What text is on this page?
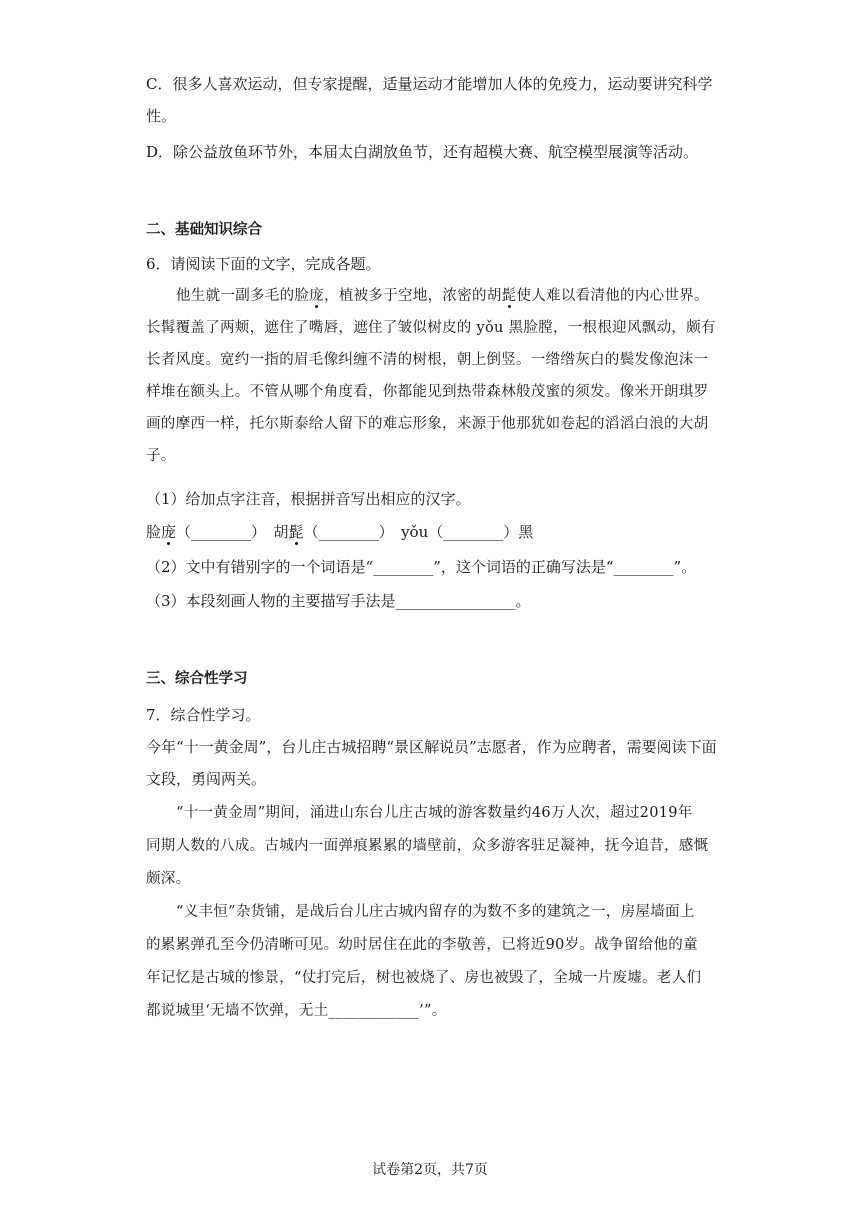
C．很多人喜欢运动，但专家提醒，适量运动才能增加人体的免疫力，运动要讲究科学
性。
D．除公益放鱼环节外，本届太白湖放鱼节，还有超模大赛、航空模型展演等活动。
二、基础知识综合
6．请阅读下面的文字，完成各题。
他生就一副多毛的脸庞，植被多于空地，浓密的胡髭使人难以看清他的内心世界。
长髯覆盖了两颊，遮住了嘴唇，遮住了皱似树皮的 yǒu 黑脸膛，一根根迎风飘动，颇有
长者风度。宽约一指的眉毛像纠缠不清的树根，朝上倒竖。一绺绺灰白的鬓发像泡沫一
样堆在额头上。不管从哪个角度看，你都能见到热带森林般茂蜜的须发。像米开朗琪罗
画的摩西一样，托尔斯泰给人留下的难忘形象，来源于他那犹如卷起的滔滔白浪的大胡
子。
（1）给加点字注音，根据拼音写出相应的汉字。
脸庞（________）　胡髭（________）　yǒu（________）黑
（2）文中有错别字的一个词语是“________”，这个词语的正确写法是“________”。
（3）本段刻画人物的主要描写手法是________________。
三、综合性学习
7．综合性学习。
今年“十一黄金周”，台儿庄古城招聘“景区解说员”志愿者，作为应聘者，需要阅读下面
文段，勇闯两关。
“十一黄金周”期间，涌进山东台儿庄古城的游客数量约46万人次，超过2019年
同期人数的八成。古城内一面弹痕累累的墙壁前，众多游客驻足凝神，抚今追昔，感慨
颇深。
“义丰恒”杂货铺，是战后台儿庄古城内留存的为数不多的建筑之一，房屋墙面上
的累累弹孔至今仍清晰可见。幼时居住在此的李敬善，已将近90岁。战争留给他的童
年记忆是古城的惨景，“仗打完后，树也被烧了、房也被毁了，全城一片废墟。老人们
都说城里‘无墙不饮弹，无土____________’”。
试卷第2页，共7页
